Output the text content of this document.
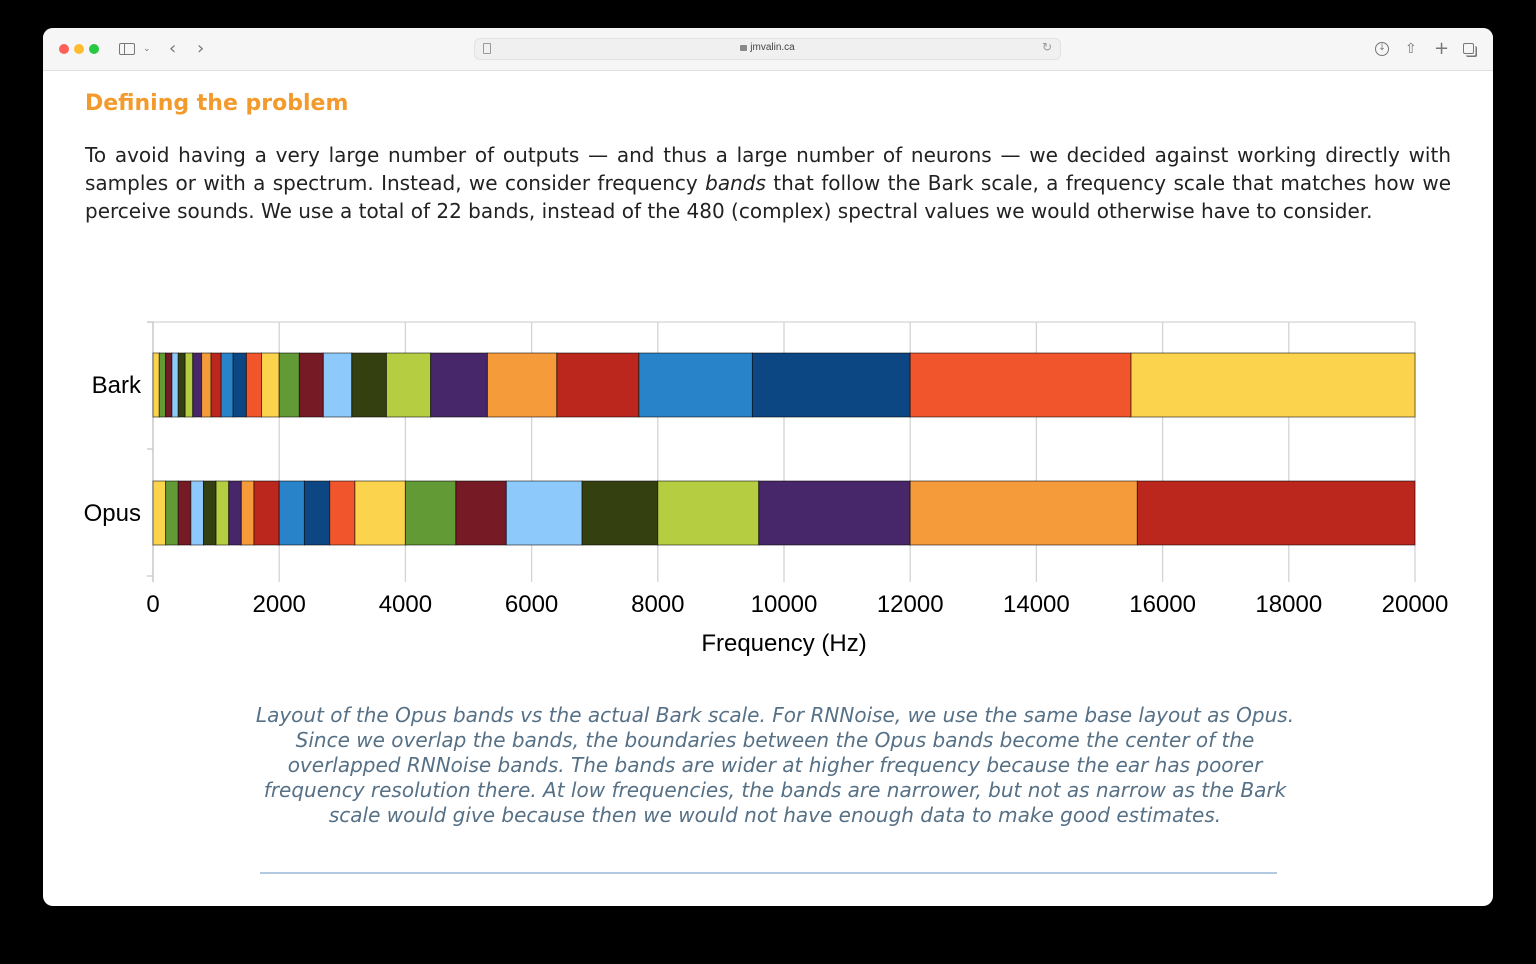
⌄ ‹ ›	jmvalin.ca	↻	↓ ⇧ +
Defining the problem

To avoid having a very large number of outputs — and thus a large number of neurons — we decided against working directly with samples or with a spectrum. Instead, we consider frequency bands that follow the Bark scale, a frequency scale that matches how we perceive sounds. We use a total of 22 bands, instead of the 480 (complex) spectral values we would otherwise have to consider.

0	2000	4000	6000	8000	10000 12000 14000 16000 18000 20000
Bark
Opus
Frequency (Hz)

Layout of the Opus bands vs the actual Bark scale. For RNNoise, we use the same base layout as Opus. Since we overlap the bands, the boundaries between the Opus bands become the center of the overlapped RNNoise bands. The bands are wider at higher frequency because the ear has poorer frequency resolution there. At low frequencies, the bands are narrower, but not as narrow as the Bark scale would give because then we would not have enough data to make good estimates.
